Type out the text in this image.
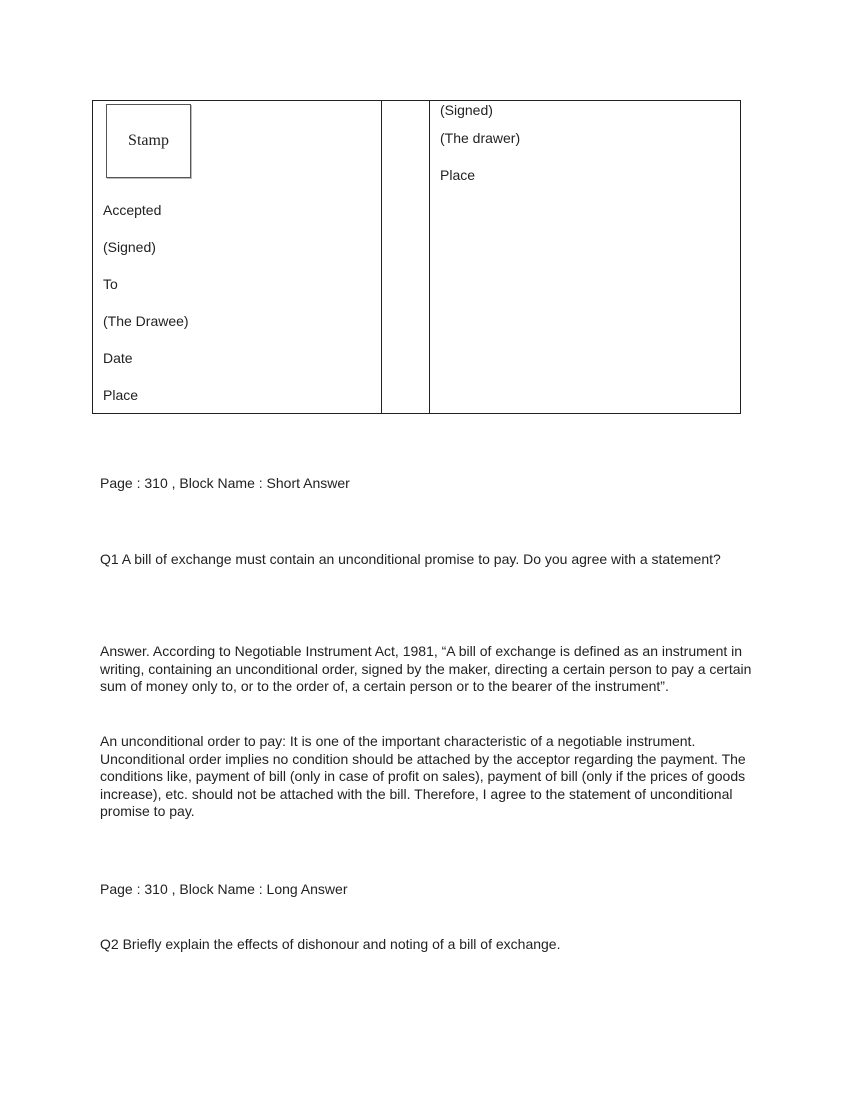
Stamp
Accepted
(Signed)
To
(The Drawee)
Date
Place
(Signed)
(The drawer)
Place
Page : 310 , Block Name : Short Answer
Q1 A bill of exchange must contain an unconditional promise to pay. Do you agree with a statement?
Answer. According to Negotiable Instrument Act, 1981, “A bill of exchange is defined as an instrument in writing, containing an unconditional order, signed by the maker, directing a certain person to pay a certain sum of money only to, or to the order of, a certain person or to the bearer of the instrument”.
An unconditional order to pay: It is one of the important characteristic of a negotiable instrument. Unconditional order implies no condition should be attached by the acceptor regarding the payment. The conditions like, payment of bill (only in case of profit on sales), payment of bill (only if the prices of goods increase), etc. should not be attached with the bill. Therefore, I agree to the statement of unconditional promise to pay.
Page : 310 , Block Name : Long Answer
Q2 Briefly explain the effects of dishonour and noting of a bill of exchange.
